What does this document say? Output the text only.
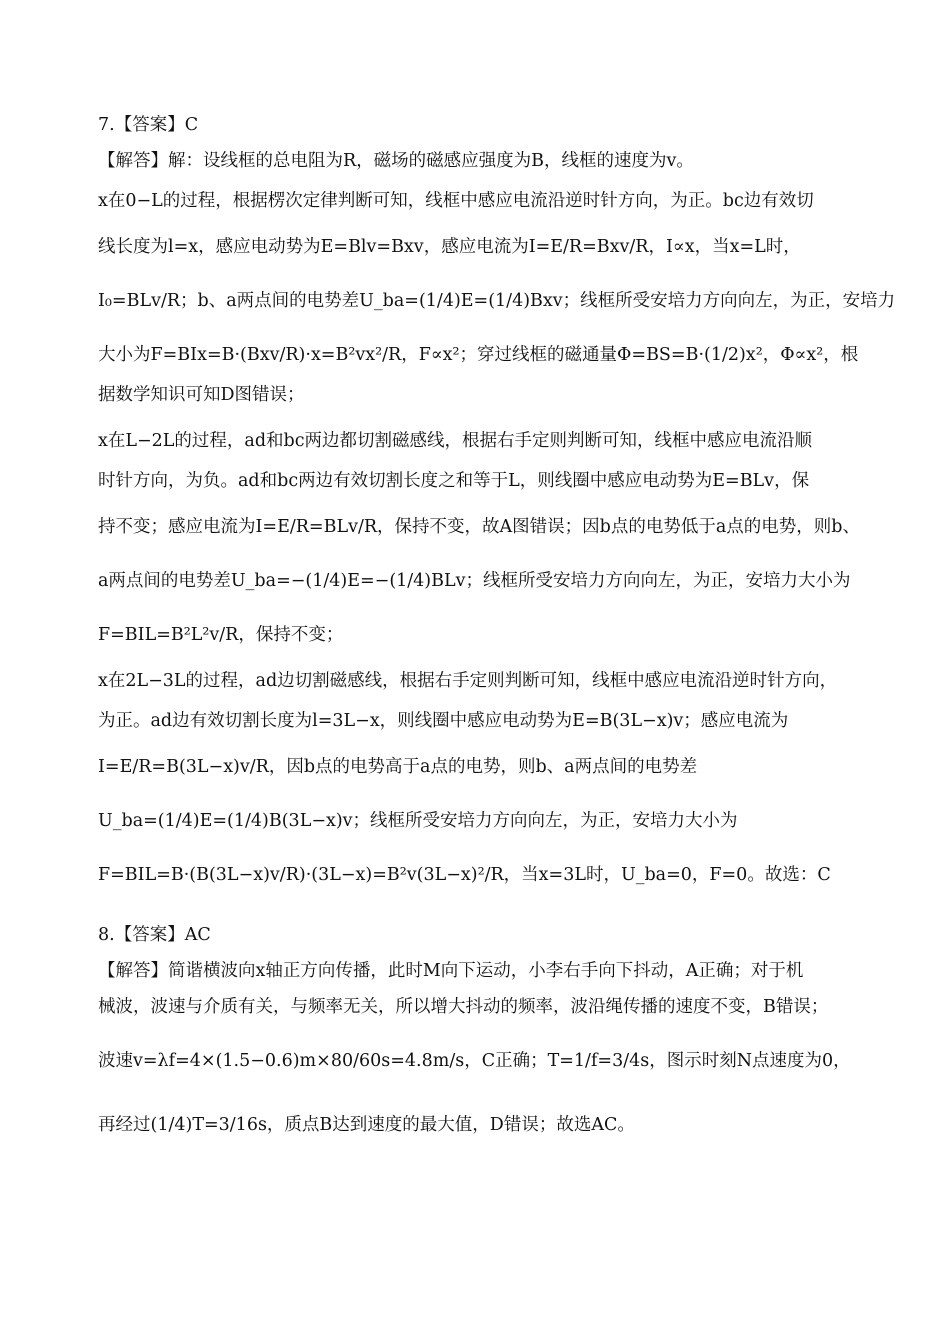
7.【答案】C

【解答】解：设线框的总电阻为R，磁场的磁感应强度为B，线框的速度为v。

x在0−L的过程，根据楞次定律判断可知，线框中感应电流沿逆时针方向，为正。bc边有效切

线长度为l=x，感应电动势为E=Blv=Bxv，感应电流为I=E/R=Bxv/R，I∝x，当x=L时，

I₀=BLv/R；b、a两点间的电势差U_ba=(1/4)E=(1/4)Bxv；线框所受安培力方向向左，为正，安培力

大小为F=BIx=B·(Bxv/R)·x=B²vx²/R，F∝x²；穿过线框的磁通量Φ=BS=B·(1/2)x²，Φ∝x²，根

据数学知识可知D图错误；

x在L−2L的过程，ad和bc两边都切割磁感线，根据右手定则判断可知，线框中感应电流沿顺

时针方向，为负。ad和bc两边有效切割长度之和等于L，则线圈中感应电动势为E=BLv，保

持不变；感应电流为I=E/R=BLv/R，保持不变，故A图错误；因b点的电势低于a点的电势，则b、

a两点间的电势差U_ba=−(1/4)E=−(1/4)BLv；线框所受安培力方向向左，为正，安培力大小为

F=BIL=B²L²v/R，保持不变；

x在2L−3L的过程，ad边切割磁感线，根据右手定则判断可知，线框中感应电流沿逆时针方向，

为正。ad边有效切割长度为l=3L−x，则线圈中感应电动势为E=B(3L−x)v；感应电流为

I=E/R=B(3L−x)v/R，因b点的电势高于a点的电势，则b、a两点间的电势差

U_ba=(1/4)E=(1/4)B(3L−x)v；线框所受安培力方向向左，为正，安培力大小为

F=BIL=B·(B(3L−x)v/R)·(3L−x)=B²v(3L−x)²/R，当x=3L时，U_ba=0，F=0。故选：C

8.【答案】AC

【解答】简谐横波向x轴正方向传播，此时M向下运动，小李右手向下抖动，A正确；对于机

械波，波速与介质有关，与频率无关，所以增大抖动的频率，波沿绳传播的速度不变，B错误；

波速v=λf=4×(1.5−0.6)m×80/60s=4.8m/s，C正确；T=1/f=3/4s，图示时刻N点速度为0，

再经过(1/4)T=3/16s，质点B达到速度的最大值，D错误；故选AC。
